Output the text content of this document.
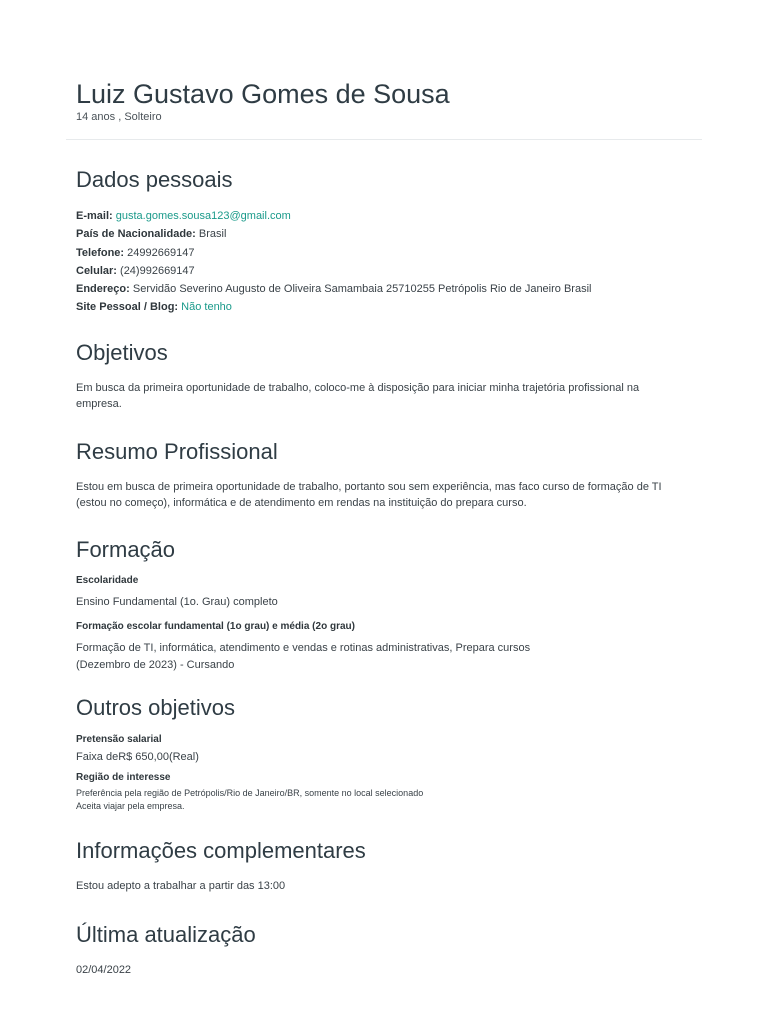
Luiz Gustavo Gomes de Sousa
14 anos , Solteiro
Dados pessoais
E-mail: gusta.gomes.sousa123@gmail.com
País de Nacionalidade: Brasil
Telefone: 24992669147
Celular: (24)992669147
Endereço: Servidão Severino Augusto de Oliveira Samambaia 25710255 Petrópolis Rio de Janeiro Brasil
Site Pessoal / Blog: Não tenho
Objetivos
Em busca da primeira oportunidade de trabalho, coloco-me à disposição para iniciar minha trajetória profissional na empresa.
Resumo Profissional
Estou em busca de primeira oportunidade de trabalho, portanto sou sem experiência, mas faco curso de formação de TI (estou no começo), informática e de atendimento em rendas na instituição do prepara curso.
Formação
Escolaridade
Ensino Fundamental (1o. Grau) completo
Formação escolar fundamental (1o grau) e média (2o grau)
Formação de TI, informática, atendimento e vendas e rotinas administrativas, Prepara cursos
(Dezembro de 2023) - Cursando
Outros objetivos
Pretensão salarial
Faixa deR$ 650,00(Real)
Região de interesse
Preferência pela região de Petrópolis/Rio de Janeiro/BR, somente no local selecionado
Aceita viajar pela empresa.
Informações complementares
Estou adepto a trabalhar a partir das 13:00
Última atualização
02/04/2022
